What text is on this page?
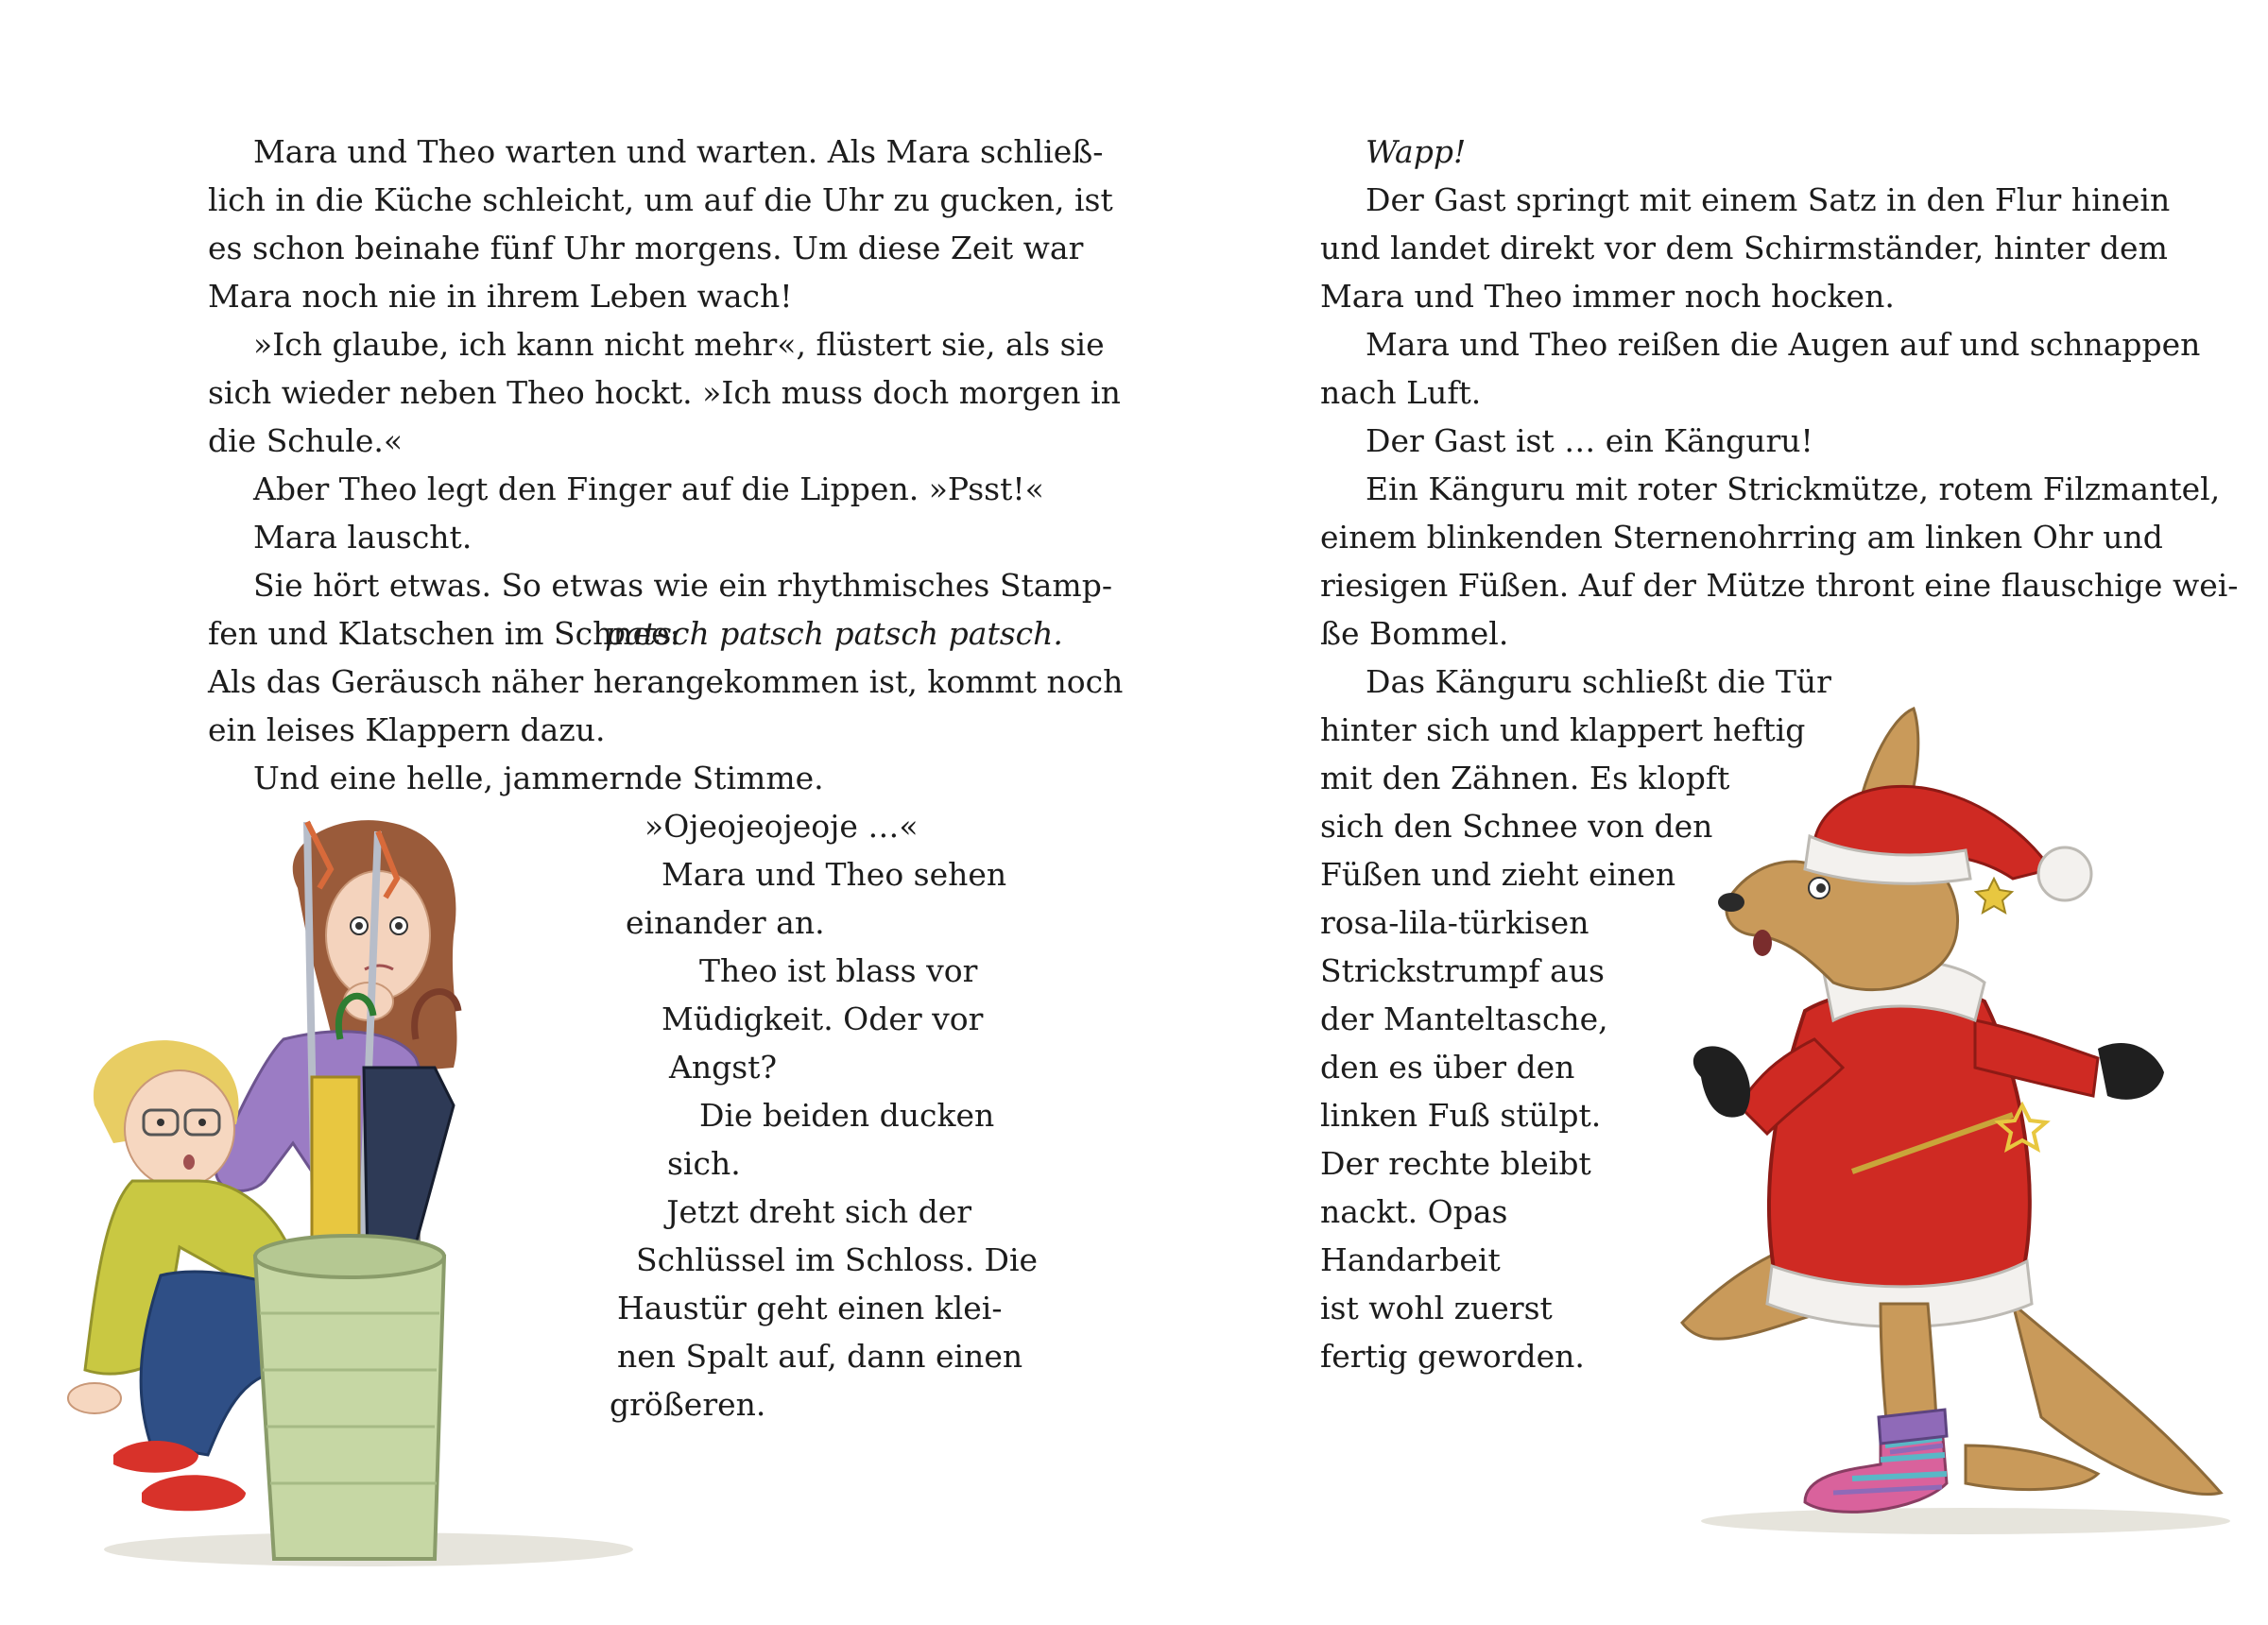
Mara und Theo warten und warten. Als Mara schließ-

lich in die Küche schleicht, um auf die Uhr zu gucken, ist

es schon beinahe fünf Uhr morgens. Um diese Zeit war

Mara noch nie in ihrem Leben wach!

»Ich glaube, ich kann nicht mehr«, flüstert sie, als sie

sich wieder neben Theo hockt. »Ich muss doch morgen in

die Schule.«

Aber Theo legt den Finger auf die Lippen. »Psst!«

Mara lauscht.

Sie hört etwas. So etwas wie ein rhythmisches Stamp-

fen und Klatschen im Schnee:

patsch patsch patsch patsch.

Als das Geräusch näher herangekommen ist, kommt noch

ein leises Klappern dazu.

Und eine helle, jammernde Stimme.

»Ojeojeojeoje …«

Mara und Theo sehen

einander an.

Theo ist blass vor

Müdigkeit. Oder vor

Angst?

Die beiden ducken

sich.

Jetzt dreht sich der

Schlüssel im Schloss. Die

Haustür geht einen klei-

nen Spalt auf, dann einen

größeren.

Wapp!

Der Gast springt mit einem Satz in den Flur hinein

und landet direkt vor dem Schirmständer, hinter dem

Mara und Theo immer noch hocken.

Mara und Theo reißen die Augen auf und schnappen

nach Luft.

Der Gast ist … ein Känguru!

Ein Känguru mit roter Strickmütze, rotem Filzmantel,

einem blinkenden Sternenohrring am linken Ohr und

riesigen Füßen. Auf der Mütze thront eine flauschige wei-

ße Bommel.

Das Känguru schließt die Tür

hinter sich und klappert heftig

mit den Zähnen. Es klopft

sich den Schnee von den

Füßen und zieht einen

rosa-lila-türkisen

Strickstrumpf aus

der Manteltasche,

den es über den

linken Fuß stülpt.

Der rechte bleibt

nackt. Opas

Handarbeit

ist wohl zuerst

fertig geworden.
